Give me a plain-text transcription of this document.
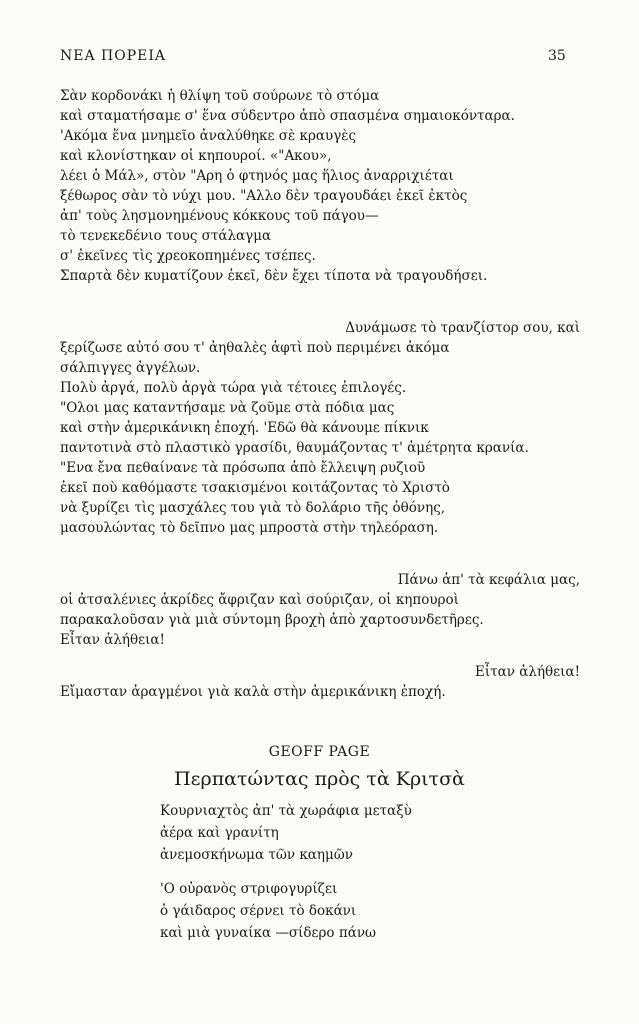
ΝΕΑ ΠΟΡΕΙΑ	35
Σὰν κορδονάκι ἡ θλίψη τοῦ σούρωνε τὸ στόμα
καὶ σταματήσαμε σ' ἕνα σύδεντρο ἀπὸ σπασμένα σημαιοκόνταρα.
'Ακόμα ἕνα μνημεῖο ἀναλύθηκε σὲ κραυγὲς
καὶ κλονίστηκαν οἱ κηπουροί. «"Ακου»,
λέει ὁ Μάλ», στὸν "Αρη ὁ φτηνός μας ἥλιος ἀναρριχιέται
ξέθωρος σὰν τὸ νύχι μου. "Αλλο δὲν τραγουδάει ἐκεῖ ἐκτὸς
ἀπ' τοὺς λησμονημένους κόκκους τοῦ πάγου—
τὸ τενεκεδένιο τους στάλαγμα
σ' ἐκεῖνες τὶς χρεοκοπημένες τσέπες.
Σπαρτὰ δὲν κυματίζουν ἐκεῖ, δὲν ἔχει τίποτα νὰ τραγουδήσει.
Δυνάμωσε τὸ τρανζίστορ σου, καὶ
ξερίζωσε αὐτό σου τ' ἀηθαλὲς ἀφτὶ ποὺ περιμένει ἀκόμα
σάλπιγγες ἀγγέλων.
Πολὺ ἀργά, πολὺ ἀργὰ τώρα γιὰ τέτοιες ἐπιλογές.
"Ολοι μας καταντήσαμε νὰ ζοῦμε στὰ πόδια μας
καὶ στὴν ἀμερικάνικη ἐποχή. 'Εδῶ θὰ κάνουμε πίκνικ
παντοτινὰ στὸ πλαστικὸ γρασίδι, θαυμάζοντας τ' ἀμέτρητα κρανία.
"Ενα ἔνα πεθαίνανε τὰ πρόσωπα ἀπὸ ἔλλειψη ρυζιοῦ
ἐκεῖ ποὺ καθόμαστε τσακισμένοι κοιτάζοντας τὸ Χριστὸ
νὰ ξυρίζει τὶς μασχάλες του γιὰ τὸ δολάριο τῆς ὀθόνης,
μασουλώντας τὸ δεῖπνο μας μπροστὰ στὴν τηλεόραση.
Πάνω ἀπ' τὰ κεφάλια μας,
οἱ ἀτσαλένιες ἀκρίδες ἄφριζαν καὶ σούριζαν, οἱ κηπουροὶ
παρακαλοῦσαν γιὰ μιὰ σύντομη βροχὴ ἀπὸ χαρτοσυνδετῆρες.
Εἶταν ἀλήθεια!
Εἶταν ἀλήθεια!
Εἴμασταν ἀραγμένοι γιὰ καλὰ στὴν ἀμερικάνικη ἐποχή.
GEOFF PAGE
Περπατώντας πρὸς τὰ Κριτσὰ
Κουρνιαχτὸς ἀπ' τὰ χωράφια μεταξὺ
ἀέρα καὶ γρανίτη
ἀνεμοσκήνωμα τῶν καημῶν
'Ο οὐρανὸς στριφογυρίζει
ὁ γάιδαρος σέρνει τὸ δοκάνι
καὶ μιὰ γυναίκα —σίδερο πάνω
